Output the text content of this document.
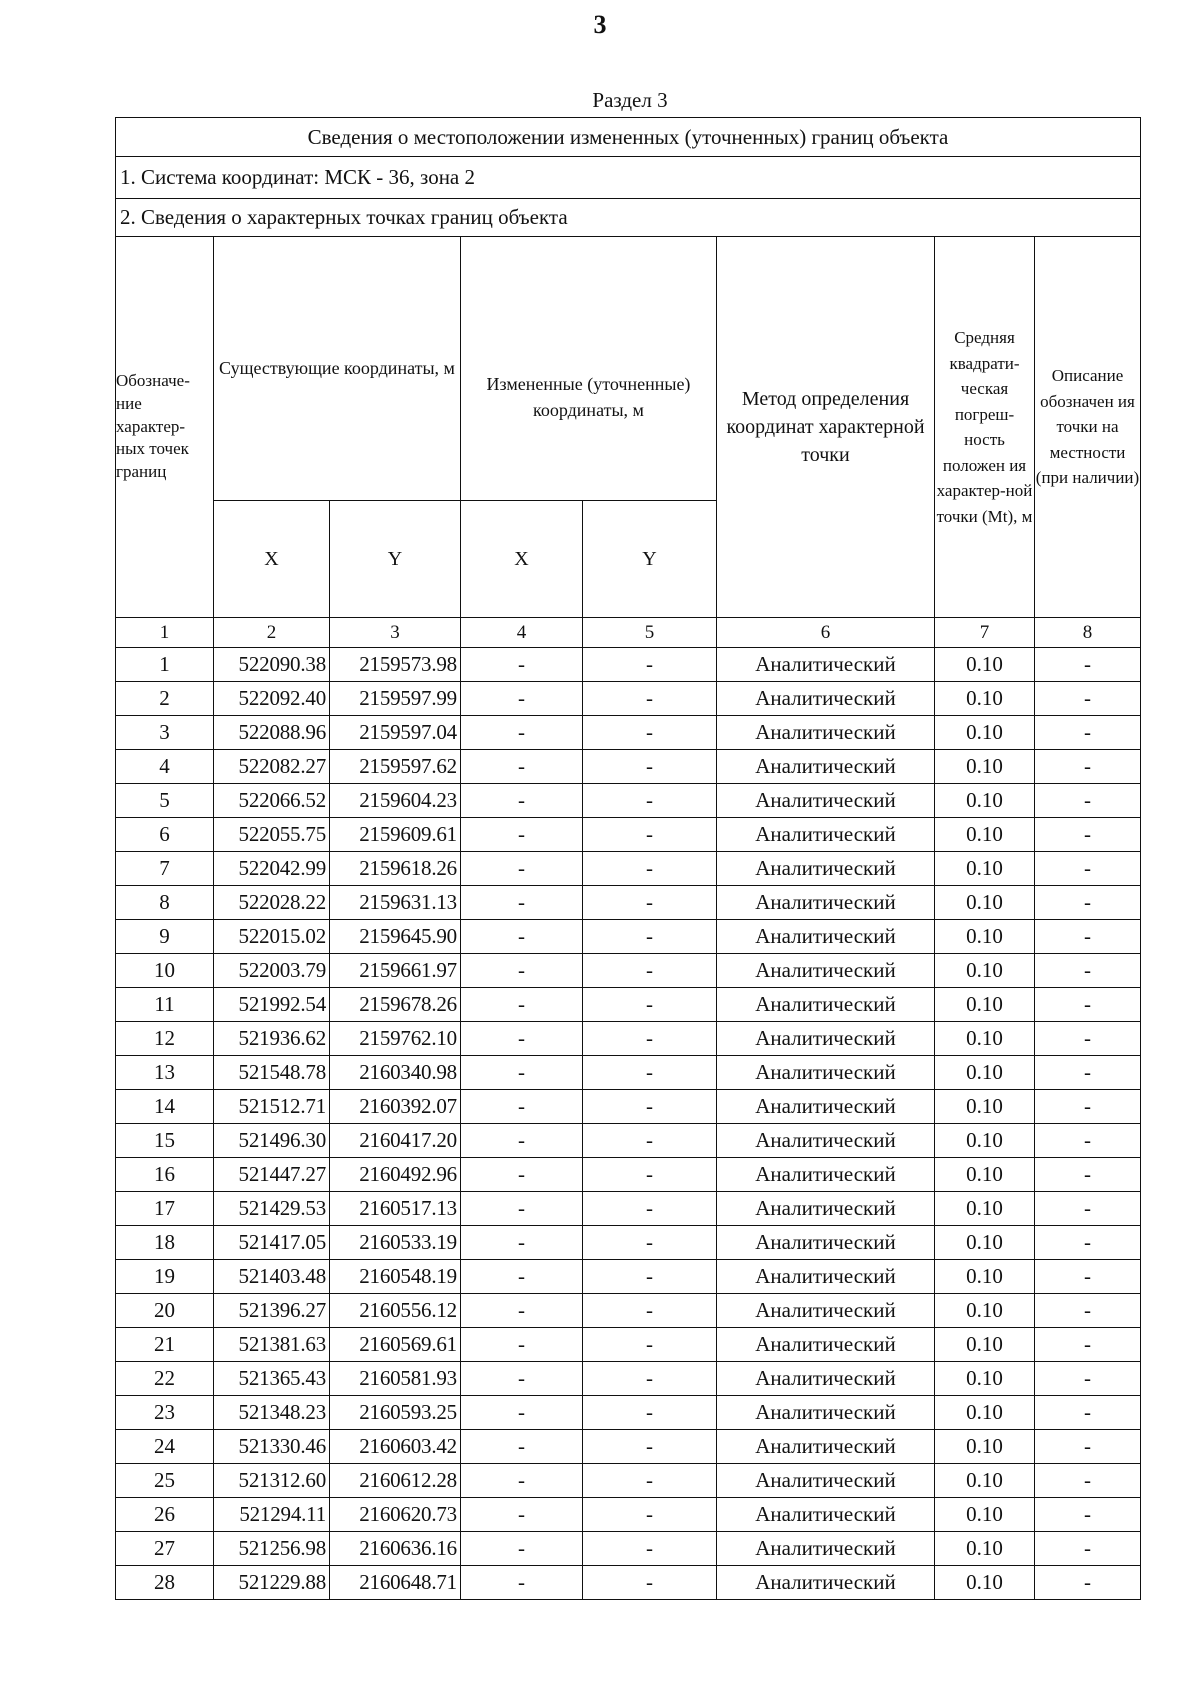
3
Раздел 3
Сведения о местоположении измененных (уточненных) границ объекта							
1. Система координат: МСК - 36, зона 2							
2. Сведения о характерных точках границ объекта							
Обозначе-ние характер-ных точек границ	Существующие координаты, м		Измененные (уточненные) координаты, м		Метод определения координат характерной точки	Средняя квадрати-ческая погреш-ность положен ия характер-ной точки (Mt), м	Описание обозначен ия точки на местности (при наличии)
	X	Y	X	Y			
1	2	3	4	5	6	7	8
1	522090.38	2159573.98	-	-	Аналитический	0.10	-
2	522092.40	2159597.99	-	-	Аналитический	0.10	-
3	522088.96	2159597.04	-	-	Аналитический	0.10	-
4	522082.27	2159597.62	-	-	Аналитический	0.10	-
5	522066.52	2159604.23	-	-	Аналитический	0.10	-
6	522055.75	2159609.61	-	-	Аналитический	0.10	-
7	522042.99	2159618.26	-	-	Аналитический	0.10	-
8	522028.22	2159631.13	-	-	Аналитический	0.10	-
9	522015.02	2159645.90	-	-	Аналитический	0.10	-
10	522003.79	2159661.97	-	-	Аналитический	0.10	-
11	521992.54	2159678.26	-	-	Аналитический	0.10	-
12	521936.62	2159762.10	-	-	Аналитический	0.10	-
13	521548.78	2160340.98	-	-	Аналитический	0.10	-
14	521512.71	2160392.07	-	-	Аналитический	0.10	-
15	521496.30	2160417.20	-	-	Аналитический	0.10	-
16	521447.27	2160492.96	-	-	Аналитический	0.10	-
17	521429.53	2160517.13	-	-	Аналитический	0.10	-
18	521417.05	2160533.19	-	-	Аналитический	0.10	-
19	521403.48	2160548.19	-	-	Аналитический	0.10	-
20	521396.27	2160556.12	-	-	Аналитический	0.10	-
21	521381.63	2160569.61	-	-	Аналитический	0.10	-
22	521365.43	2160581.93	-	-	Аналитический	0.10	-
23	521348.23	2160593.25	-	-	Аналитический	0.10	-
24	521330.46	2160603.42	-	-	Аналитический	0.10	-
25	521312.60	2160612.28	-	-	Аналитический	0.10	-
26	521294.11	2160620.73	-	-	Аналитический	0.10	-
27	521256.98	2160636.16	-	-	Аналитический	0.10	-
28	521229.88	2160648.71	-	-	Аналитический	0.10	-
